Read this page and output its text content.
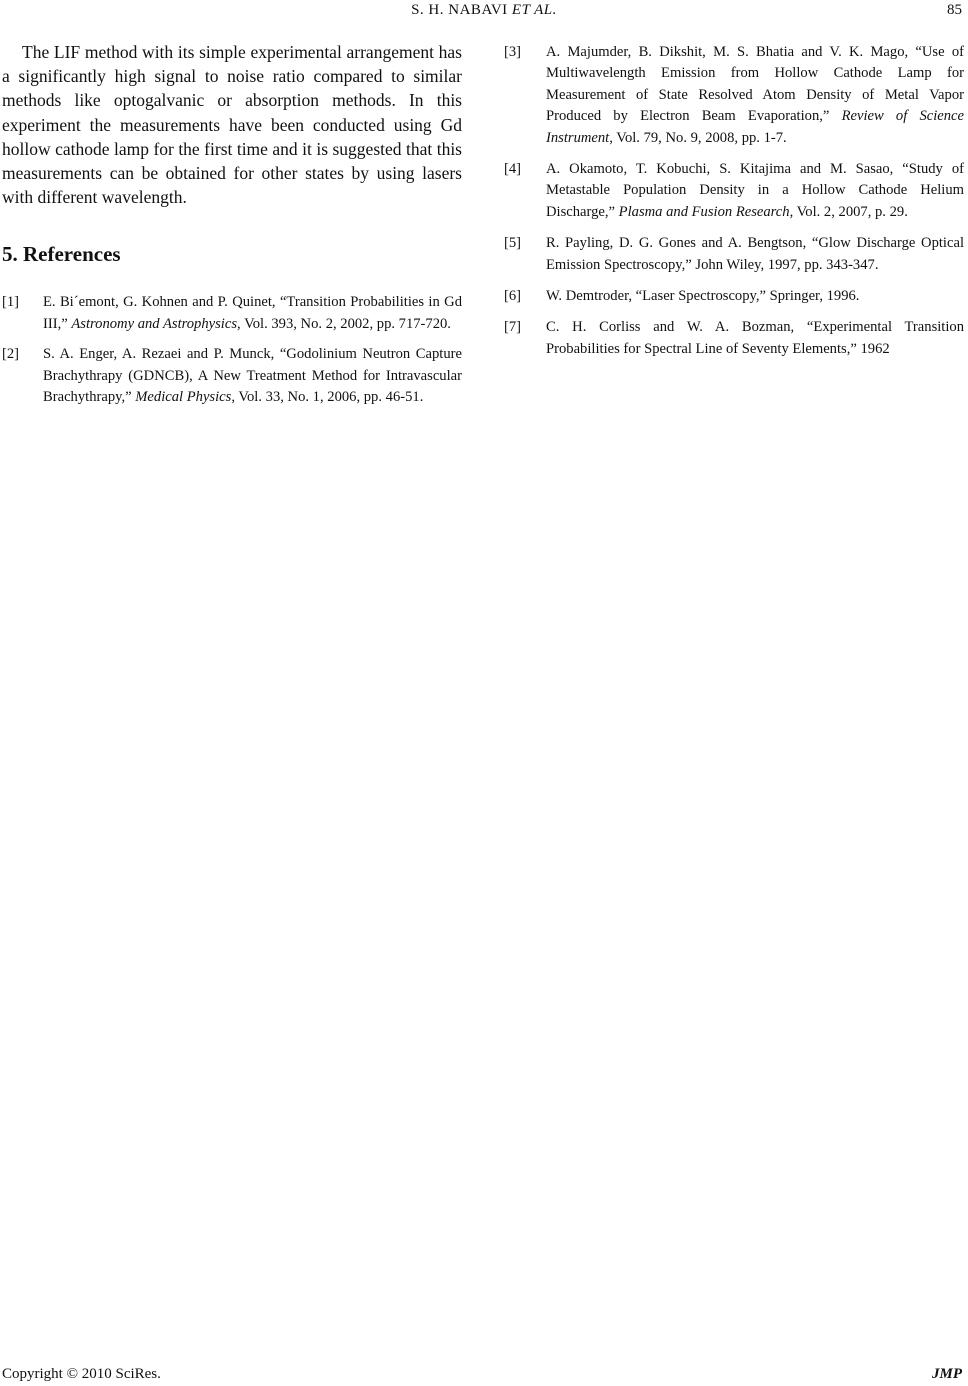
S. H. NABAVI ET AL.	85

The LIF method with its simple experimental arrangement has a significantly high signal to noise ratio compared to similar methods like optogalvanic or absorption methods. In this experiment the measurements have been conducted using Gd hollow cathode lamp for the first time and it is suggested that this measurements can be obtained for other states by using lasers with different wavelength.

5. References
[1] E. Bi´emont, G. Kohnen and P. Quinet, “Transition Probabilities in Gd III,” Astronomy and Astrophysics, Vol. 393, No. 2, 2002, pp. 717-720.
[2] S. A. Enger, A. Rezaei and P. Munck, “Godolinium Neutron Capture Brachythrapy (GDNCB), A New Treatment Method for Intravascular Brachythrapy,” Medical Physics, Vol. 33, No. 1, 2006, pp. 46-51.
[3] A. Majumder, B. Dikshit, M. S. Bhatia and V. K. Mago, “Use of Multiwavelength Emission from Hollow Cathode Lamp for Measurement of State Resolved Atom Density of Metal Vapor Produced by Electron Beam Evaporation,” Review of Science Instrument, Vol. 79, No. 9, 2008, pp. 1-7.
[4] A. Okamoto, T. Kobuchi, S. Kitajima and M. Sasao, “Study of Metastable Population Density in a Hollow Cathode Helium Discharge,” Plasma and Fusion Research, Vol. 2, 2007, p. 29.
[5] R. Payling, D. G. Gones and A. Bengtson, “Glow Discharge Optical Emission Spectroscopy,” John Wiley, 1997, pp. 343-347.
[6] W. Demtroder, “Laser Spectroscopy,” Springer, 1996.
[7] C. H. Corliss and W. A. Bozman, “Experimental Transition Probabilities for Spectral Line of Seventy Elements,” 1962
Copyright © 2010 SciRes.	JMP
